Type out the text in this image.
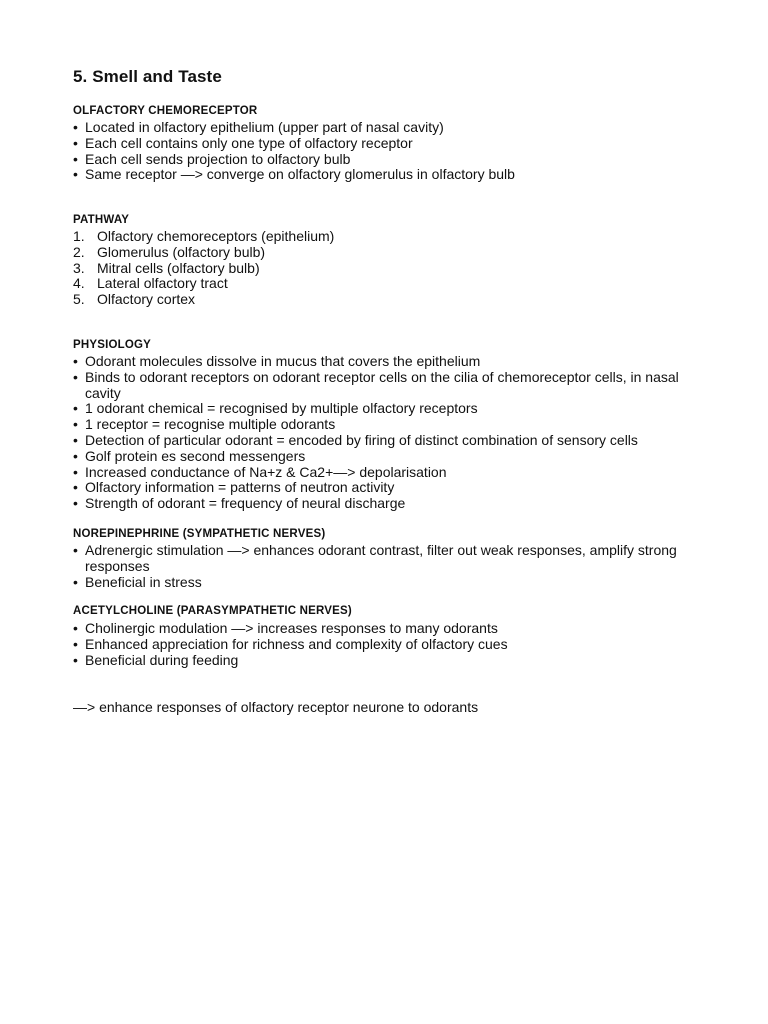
5. Smell and Taste
OLFACTORY CHEMORECEPTOR
• Located in olfactory epithelium (upper part of nasal cavity)
• Each cell contains only one type of olfactory receptor
• Each cell sends projection to olfactory bulb
• Same receptor —> converge on olfactory glomerulus in olfactory bulb
PATHWAY
1. Olfactory chemoreceptors (epithelium)
2. Glomerulus (olfactory bulb)
3. Mitral cells (olfactory bulb)
4. Lateral olfactory tract
5. Olfactory cortex
PHYSIOLOGY
• Odorant molecules dissolve in mucus that covers the epithelium
• Binds to odorant receptors on odorant receptor cells on the cilia of chemoreceptor cells, in nasal cavity
• 1 odorant chemical = recognised by multiple olfactory receptors
• 1 receptor = recognise multiple odorants
• Detection of particular odorant = encoded by firing of distinct combination of sensory cells
• Golf protein es second messengers
• Increased conductance of Na+z & Ca2+—> depolarisation
• Olfactory information = patterns of neutron activity
• Strength of odorant = frequency of neural discharge
NOREPINEPHRINE (SYMPATHETIC NERVES)
• Adrenergic stimulation —> enhances odorant contrast, filter out weak responses, amplify strong responses
• Beneficial in stress
ACETYLCHOLINE (PARASYMPATHETIC NERVES)
• Cholinergic modulation —> increases responses to many odorants
• Enhanced appreciation for richness and complexity of olfactory cues
• Beneficial during feeding
—> enhance responses of olfactory receptor neurone to odorants
